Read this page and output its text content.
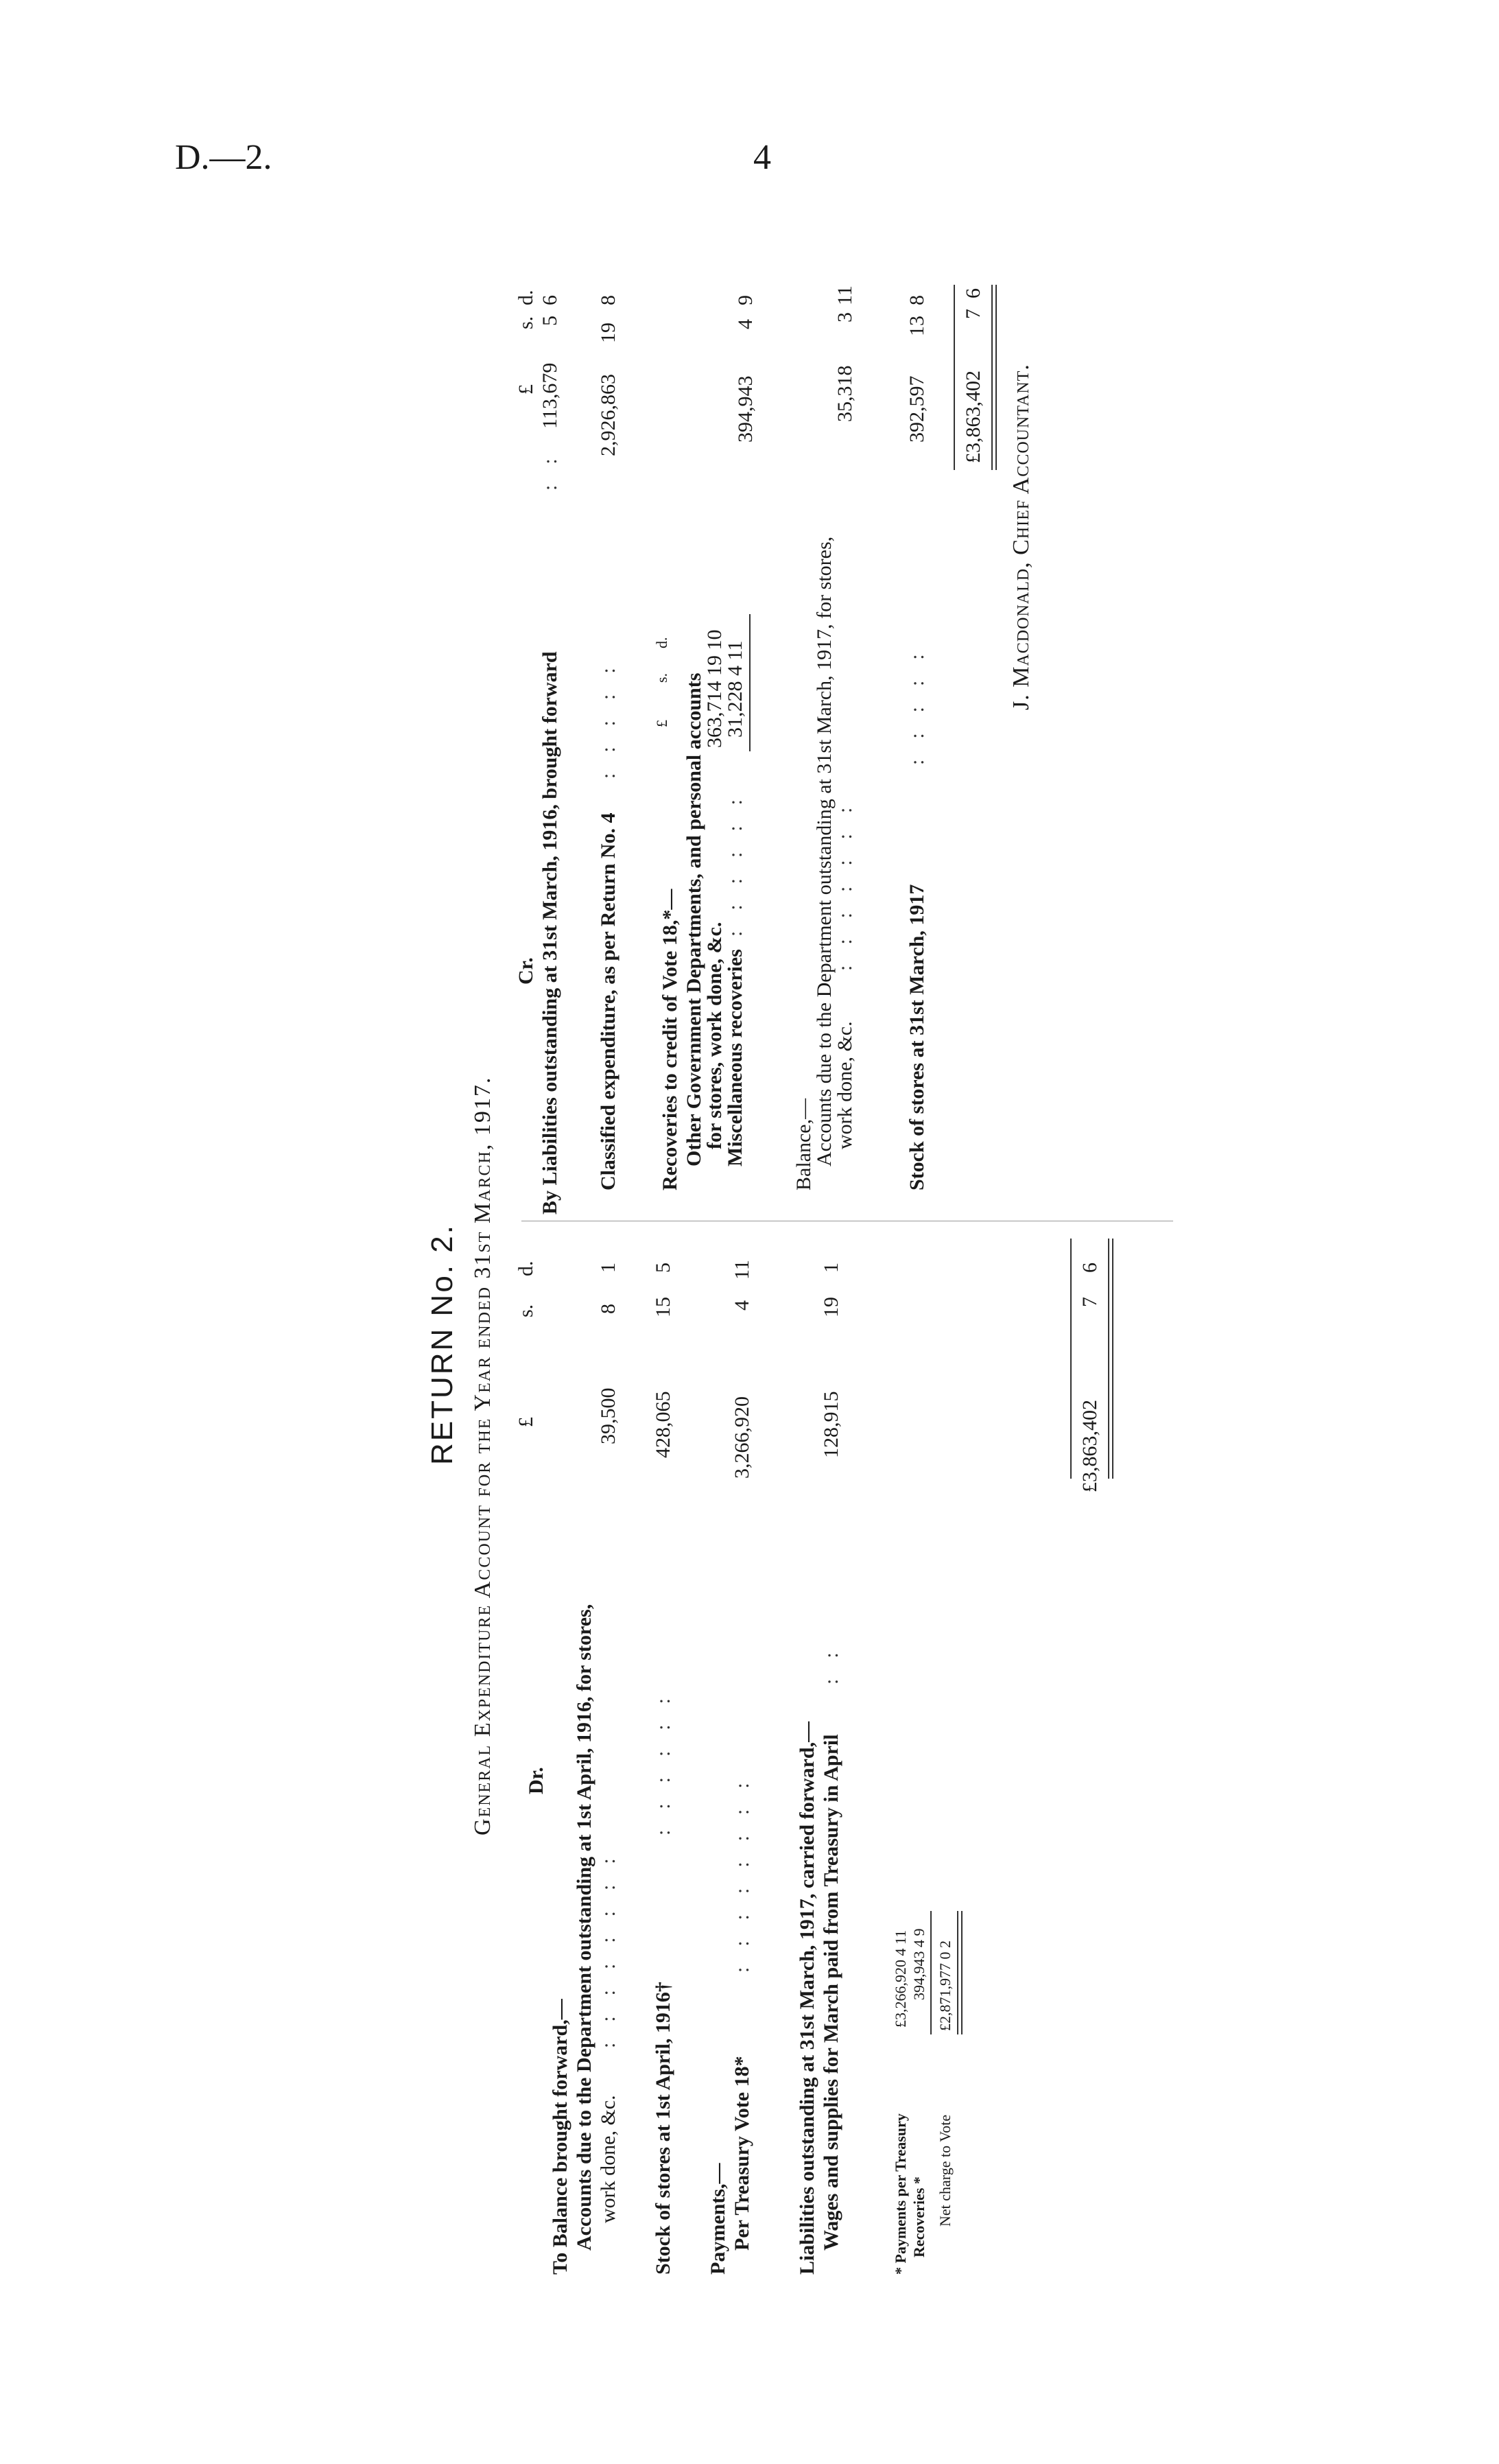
D.—2.	4
RETURN No. 2. General Expenditure Account for the Year ended 31st March, 1917. Dr.
£
s.
d.
To Balance brought forward,— Accounts due to the Department outstanding at 1st April, 1916, for stores, work done, &c.
::::::::
39,500
8
1
Stock of stores at 1st April, 1916†
::::::
428,065
15
5
Payments,— Per Treasury Vote 18*
::::::::
3,266,920
4
11
Liabilities outstanding at 31st March, 1917, carried forward,— Wages and supplies for March paid from Treasury in April
::
128,915
19
1
£3,863,402
7
6
* Payments per Treasury
£3,266,920 4 11
Recoveries *
394,943 4 9
Net charge to Vote
£2,871,977 0 2
Cr.
£
s.
d.
By Liabilities outstanding at 31st March, 1916, brought forward
::
113,679
5
6
Classified expenditure, as per Return No. 4
:::::
2,926,863
19
8
Recoveries to credit of Vote 18,*—
£
s.
d.
Other Government Departments, and personal accounts
for stores, work done, &c.
363,714 19 10
Miscellaneous recoveries
::::::
31,228 4 11
394,943
4
9
Balance,—
Accounts due to the Department outstanding at 31st March, 1917, for stores,
work done, &c.
:::::::
35,318
3
11
Stock of stores at 31st March, 1917
:::::
392,597
13
8
£3,863,402
7
6
J. Macdonald, Chief Accountant.
